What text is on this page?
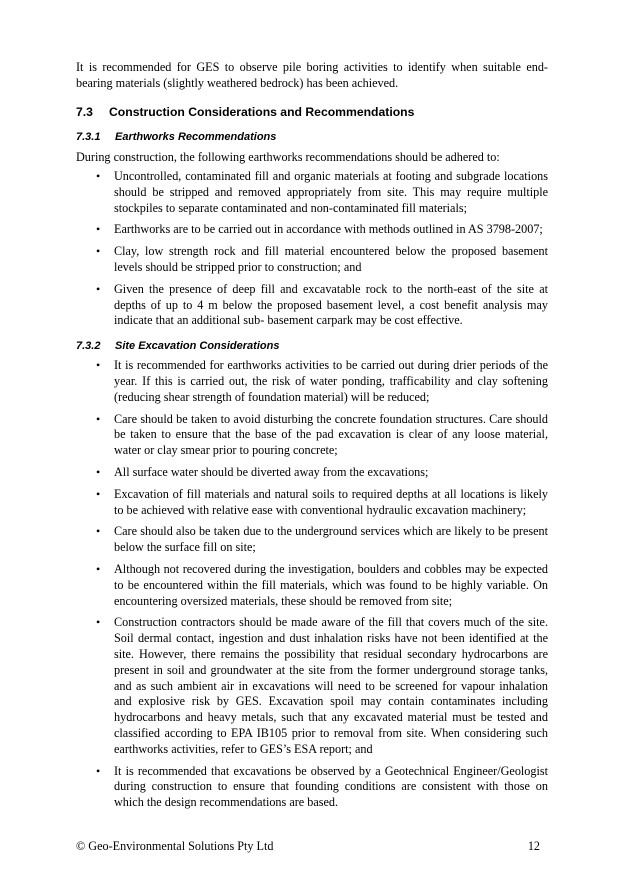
It is recommended for GES to observe pile boring activities to identify when suitable end-bearing materials (slightly weathered bedrock) has been achieved.

7.3	Construction Considerations and Recommendations
7.3.1	Earthworks Recommendations

During construction, the following earthworks recommendations should be adhered to:

• Uncontrolled, contaminated fill and organic materials at footing and subgrade locations should be stripped and removed appropriately from site. This may require multiple stockpiles to separate contaminated and non-contaminated fill materials;
• Earthworks are to be carried out in accordance with methods outlined in AS 3798-2007;
• Clay, low strength rock and fill material encountered below the proposed basement levels should be stripped prior to construction; and
• Given the presence of deep fill and excavatable rock to the north-east of the site at depths of up to 4 m below the proposed basement level, a cost benefit analysis may indicate that an additional sub- basement carpark may be cost effective.
7.3.2	Site Excavation Considerations
• It is recommended for earthworks activities to be carried out during drier periods of the year. If this is carried out, the risk of water ponding, trafficability and clay softening (reducing shear strength of foundation material) will be reduced;
• Care should be taken to avoid disturbing the concrete foundation structures. Care should be taken to ensure that the base of the pad excavation is clear of any loose material, water or clay smear prior to pouring concrete;
• All surface water should be diverted away from the excavations;
• Excavation of fill materials and natural soils to required depths at all locations is likely to be achieved with relative ease with conventional hydraulic excavation machinery;
• Care should also be taken due to the underground services which are likely to be present below the surface fill on site;
• Although not recovered during the investigation, boulders and cobbles may be expected to be encountered within the fill materials, which was found to be highly variable. On encountering oversized materials, these should be removed from site;
• Construction contractors should be made aware of the fill that covers much of the site. Soil dermal contact, ingestion and dust inhalation risks have not been identified at the site. However, there remains the possibility that residual secondary hydrocarbons are present in soil and groundwater at the site from the former underground storage tanks, and as such ambient air in excavations will need to be screened for vapour inhalation and explosive risk by GES. Excavation spoil may contain contaminates including hydrocarbons and heavy metals, such that any excavated material must be tested and classified according to EPA IB105 prior to removal from site. When considering such earthworks activities, refer to GES’s ESA report; and
• It is recommended that excavations be observed by a Geotechnical Engineer/Geologist during construction to ensure that founding conditions are consistent with those on which the design recommendations are based.
© Geo-Environmental Solutions Pty Ltd	12
